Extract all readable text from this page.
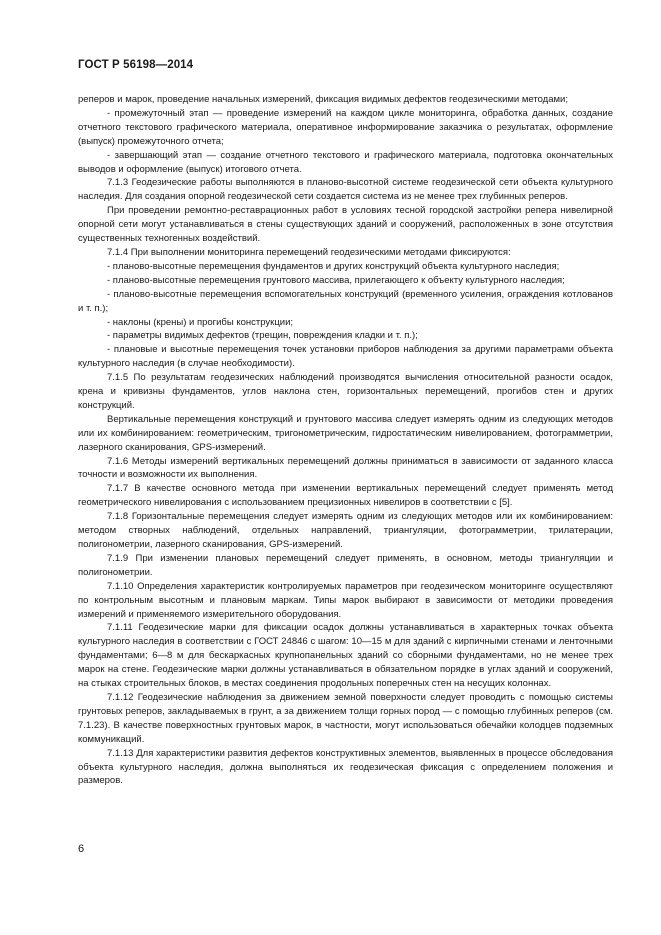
ГОСТ Р 56198—2014

реперов и марок, проведение начальных измерений, фиксация видимых дефектов геодезическими методами;

- промежуточный этап — проведение измерений на каждом цикле мониторинга, обработка данных, создание отчетного текстового графического материала, оперативное информирование заказчика о результатах, оформление (выпуск) промежуточного отчета;

- завершающий этап — создание отчетного текстового и графического материала, подготовка окончательных выводов и оформление (выпуск) итогового отчета.

7.1.3 Геодезические работы выполняются в планово-высотной системе геодезической сети объекта культурного наследия. Для создания опорной геодезической сети создается система из не менее трех глубинных реперов.

При проведении ремонтно-реставрационных работ в условиях тесной городской застройки репера нивелирной опорной сети могут устанавливаться в стены существующих зданий и сооружений, расположенных в зоне отсутствия существенных техногенных воздействий.

7.1.4 При выполнении мониторинга перемещений геодезическими методами фиксируются:

- планово-высотные перемещения фундаментов и других конструкций объекта культурного наследия;

- планово-высотные перемещения грунтового массива, прилегающего к объекту культурного наследия;

- планово-высотные перемещения вспомогательных конструкций (временного усиления, ограждения котлованов и т. п.);

- наклоны (крены) и прогибы конструкции;

- параметры видимых дефектов (трещин, повреждения кладки и т. п.);

- плановые и высотные перемещения точек установки приборов наблюдения за другими параметрами объекта культурного наследия (в случае необходимости).

7.1.5 По результатам геодезических наблюдений производятся вычисления относительной разности осадок, крена и кривизны фундаментов, углов наклона стен, горизонтальных перемещений, прогибов стен и других конструкций.

Вертикальные перемещения конструкций и грунтового массива следует измерять одним из следующих методов или их комбинированием: геометрическим, тригонометрическим, гидростатическим нивелированием, фотограмметрии, лазерного сканирования, GPS-измерений.

7.1.6 Методы измерений вертикальных перемещений должны приниматься в зависимости от заданного класса точности и возможности их выполнения.

7.1.7 В качестве основного метода при изменении вертикальных перемещений следует применять метод геометрического нивелирования с использованием прецизионных нивелиров в соответствии с [5].

7.1.8 Горизонтальные перемещения следует измерять одним из следующих методов или их комбинированием: методом створных наблюдений, отдельных направлений, триангуляции, фотограмметрии, трилатерации, полигонометрии, лазерного сканирования, GPS-измерений.

7.1.9 При изменении плановых перемещений следует применять, в основном, методы триангуляции и полигонометрии.

7.1.10 Определения характеристик контролируемых параметров при геодезическом мониторинге осуществляют по контрольным высотным и плановым маркам. Типы марок выбирают в зависимости от методики проведения измерений и применяемого измерительного оборудования.

7.1.11 Геодезические марки для фиксации осадок должны устанавливаться в характерных точках объекта культурного наследия в соответствии с ГОСТ 24846 с шагом: 10—15 м для зданий с кирпичными стенами и ленточными фундаментами; 6—8 м для бескаркасных крупнопанельных зданий со сборными фундаментами, но не менее трех марок на стене. Геодезические марки должны устанавливаться в обязательном порядке в углах зданий и сооружений, на стыках строительных блоков, в местах соединения продольных поперечных стен на несущих колоннах.

7.1.12 Геодезические наблюдения за движением земной поверхности следует проводить с помощью системы грунтовых реперов, закладываемых в грунт, а за движением толщи горных пород — с помощью глубинных реперов (см. 7.1.23). В качестве поверхностных грунтовых марок, в частности, могут использоваться обечайки колодцев подземных коммуникаций.

7.1.13 Для характеристики развития дефектов конструктивных элементов, выявленных в процессе обследования объекта культурного наследия, должна выполняться их геодезическая фиксация с определением положения и размеров.

6
